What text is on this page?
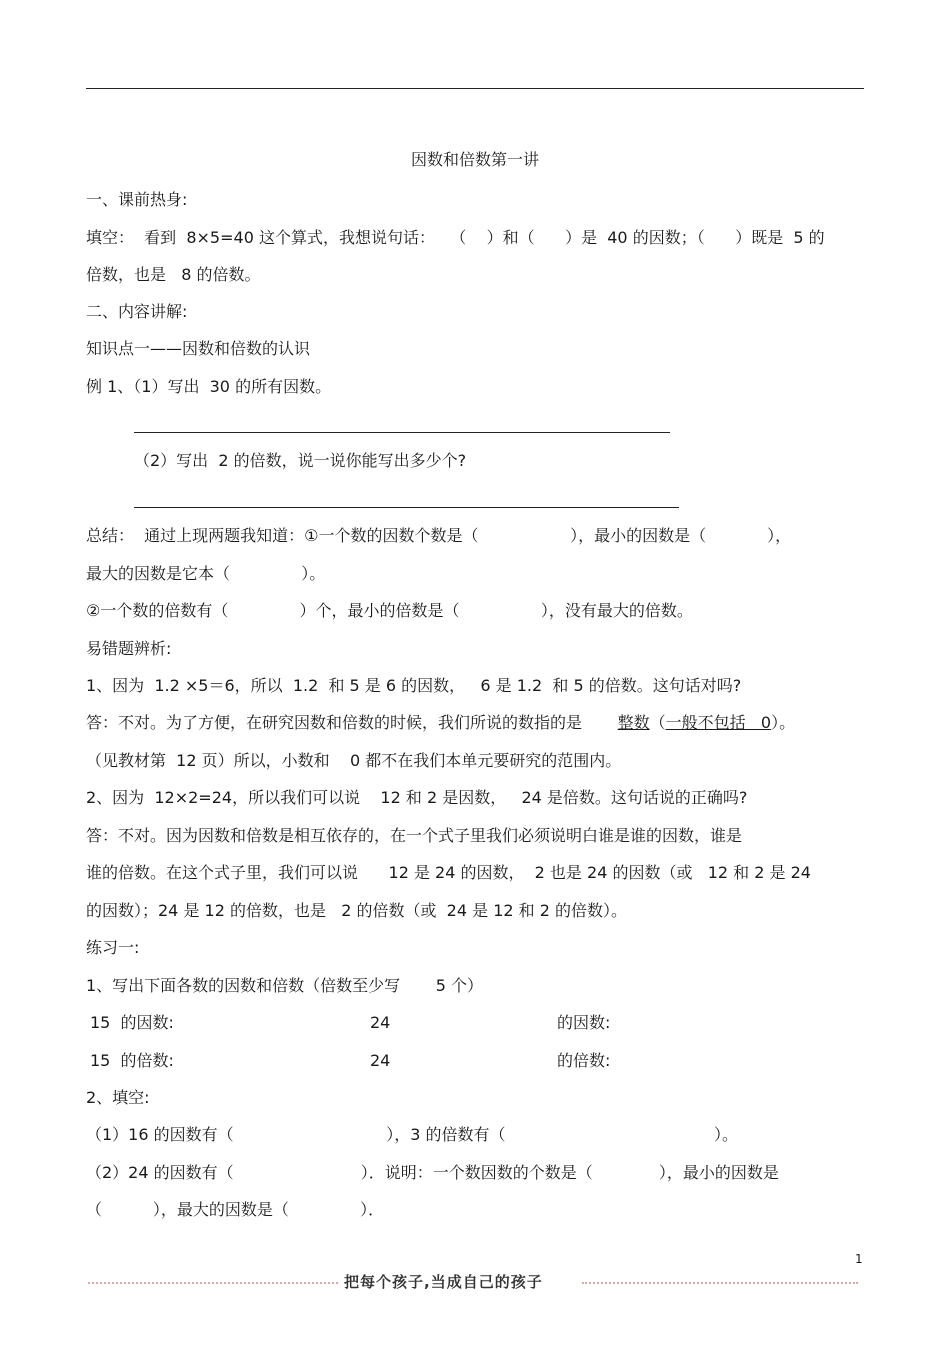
因数和倍数第一讲
一、课前热身:
填空：  看到  8×5=40 这个算式，我想说句话：   （    ）和（      ）是  40 的因数；（      ）既是  5 的
倍数，也是   8 的倍数。
二、内容讲解:
知识点一——因数和倍数的认识
例 1、（1）写出  30 的所有因数。
（2）写出  2 的倍数，说一说你能写出多少个?
总结：  通过上现两题我知道：①一个数的因数个数是（                  ），最小的因数是（            ），
最大的因数是它本（              ）。
②一个数的倍数有（              ）个，最小的倍数是（                ），没有最大的倍数。
易错题辨析:
1、因为  1.2 ×5＝6，所以  1.2  和 5 是 6 的因数，   6 是 1.2  和 5 的倍数。这句话对吗?
答：不对。为了方便，在研究因数和倍数的时候，我们所说的数指的是       整数（一般不包括   0）。
（见教材第  12 页）所以，小数和    0 都不在我们本单元要研究的范围内。
2、因为  12×2=24，所以我们可以说    12 和 2 是因数，   24 是倍数。这句话说的正确吗?
答：不对。因为因数和倍数是相互依存的，在一个式子里我们必须说明白谁是谁的因数，谁是
谁的倍数。在这个式子里，我们可以说      12 是 24 的因数，  2 也是 24 的因数（或   12 和 2 是 24
的因数）；24 是 12 的倍数，也是   2 的倍数（或  24 是 12 和 2 的倍数）。
练习一:
1、写出下面各数的因数和倍数（倍数至少写       5 个）
15  的因数:	24	的因数:
15  的倍数:	24	的倍数:
2、填空:
（1）16 的因数有（                              ），3 的倍数有（                                         ）。
（2）24 的因数有（                         ）．说明：一个数因数的个数是（             ），最小的因数是
（          ），最大的因数是（              ）．
1
把每个孩子,当成自己的孩子
